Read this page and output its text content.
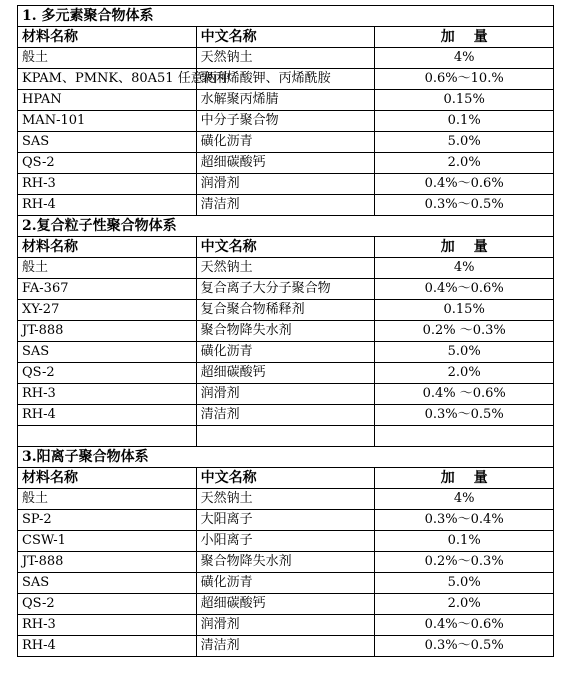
1. 多元素聚合物体系		
材料名称	中文名称	加　 量
般土	天然钠土	4%
KPAM、PMNK、80A51 任意两种	聚丙烯酸钾、丙烯酰胺	0.6%～10.%
HPAN	水解聚丙烯腈	0.15%
MAN-101	中分子聚合物	0.1%
SAS	磺化沥青	5.0%
QS-2	超细碳酸钙	2.0%
RH-3	润滑剂	0.4%～0.6%
RH-4	清洁剂	0.3%～0.5%
2.复合粒子性聚合物体系		
材料名称	中文名称	加　 量
般土	天然钠土	4%
FA-367	复合离子大分子聚合物	0.4%～0.6%
XY-27	复合聚合物稀释剂	0.15%
JT-888	聚合物降失水剂	0.2% ～0.3%
SAS	磺化沥青	5.0%
QS-2	超细碳酸钙	2.0%
RH-3	润滑剂	0.4% ～0.6%
RH-4	清洁剂	0.3%～0.5%

3.阳离子聚合物体系		
材料名称	中文名称	加　 量
般土	天然钠土	4%
SP-2	大阳离子	0.3%～0.4%
CSW-1	小阳离子	0.1%
JT-888	聚合物降失水剂	0.2%～0.3%
SAS	磺化沥青	5.0%
QS-2	超细碳酸钙	2.0%
RH-3	润滑剂	0.4%～0.6%
RH-4	清洁剂	0.3%～0.5%
